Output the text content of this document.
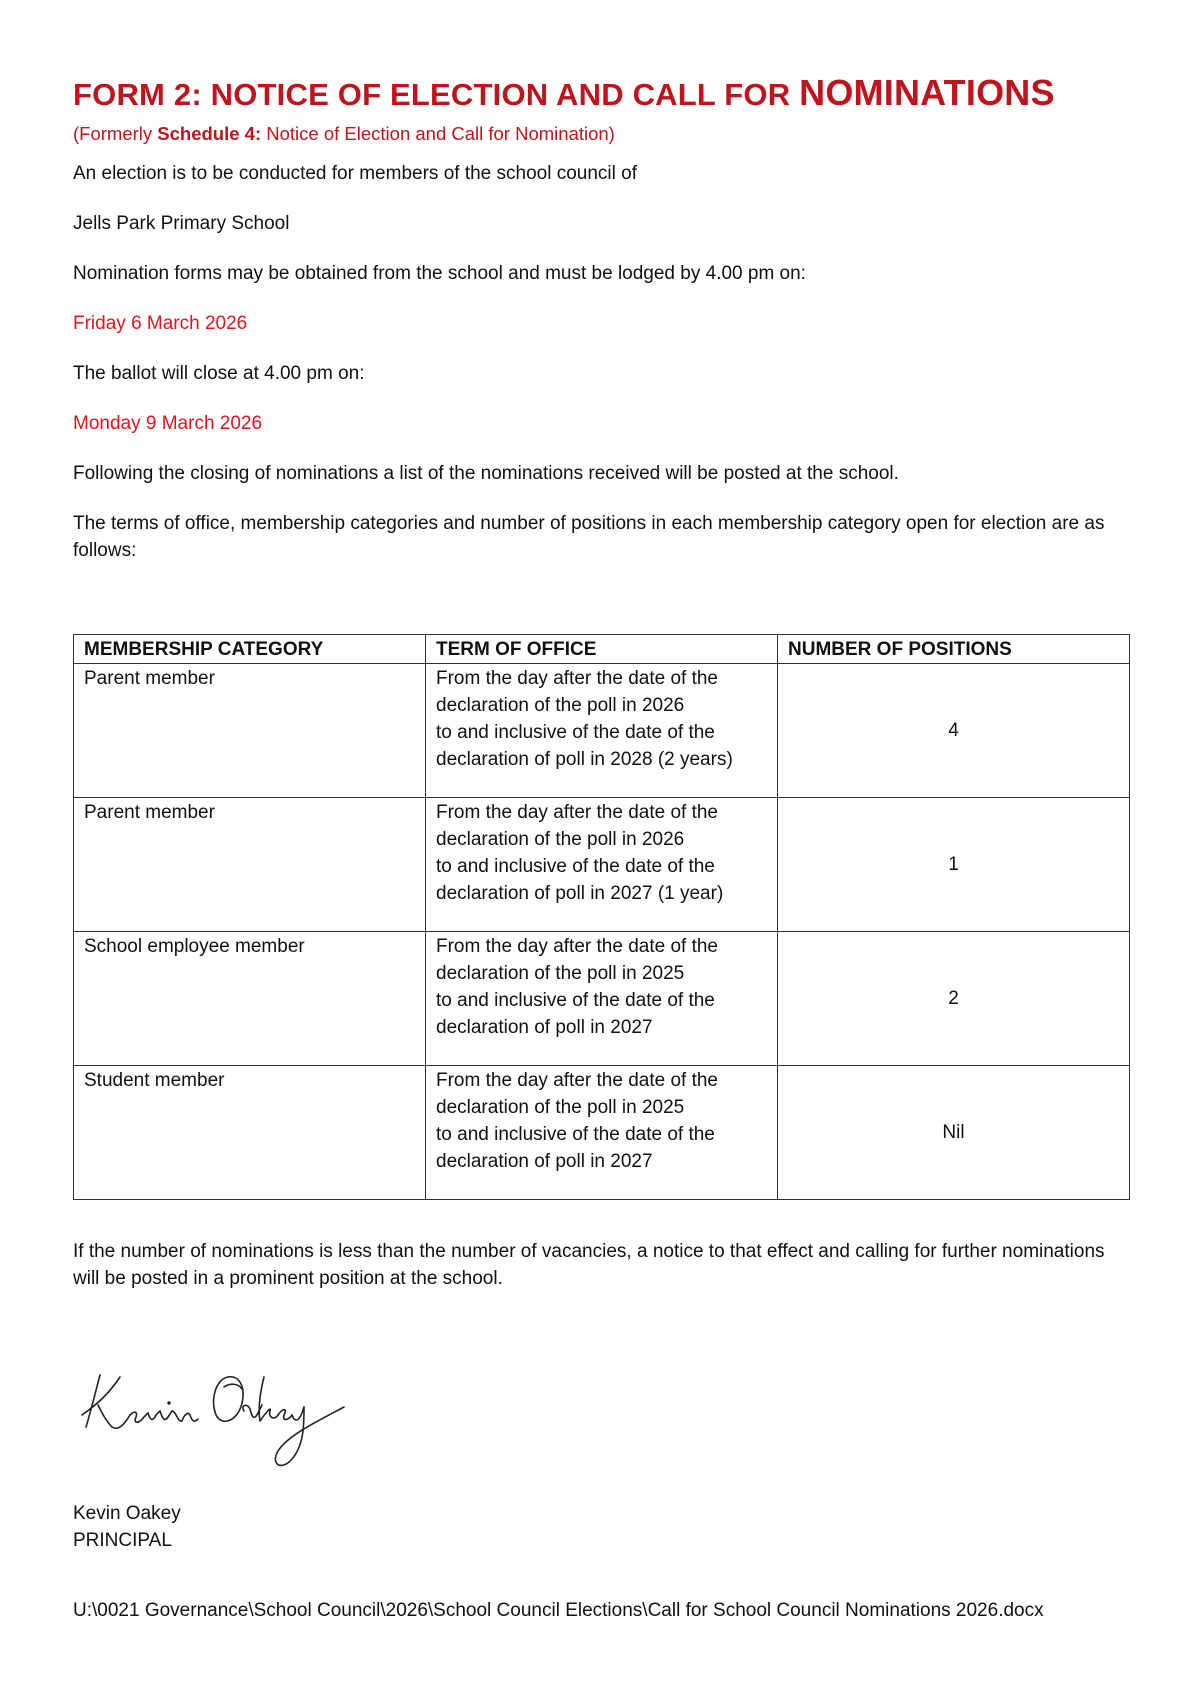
FORM 2: NOTICE OF ELECTION AND CALL FOR NOMINATIONS
(Formerly Schedule 4: Notice of Election and Call for Nomination)
An election is to be conducted for members of the school council of
Jells Park Primary School
Nomination forms may be obtained from the school and must be lodged by 4.00 pm on:
Friday 6 March 2026
The ballot will close at 4.00 pm on:
Monday 9 March 2026
Following the closing of nominations a list of the nominations received will be posted at the school.
The terms of office, membership categories and number of positions in each membership category open for election are as follows:
MEMBERSHIP CATEGORY	TERM OF OFFICE	NUMBER OF POSITIONS
Parent member	From the day after the date of the
declaration of the poll in 2026
to and inclusive of the date of the
declaration of poll in 2028 (2 years)	4
Parent member	From the day after the date of the
declaration of the poll in 2026
to and inclusive of the date of the
declaration of poll in 2027 (1 year)	1
School employee member	From the day after the date of the
declaration of the poll in 2025
to and inclusive of the date of the
declaration of poll in 2027	2
Student member	From the day after the date of the
declaration of the poll in 2025
to and inclusive of the date of the
declaration of poll in 2027	Nil
If the number of nominations is less than the number of vacancies, a notice to that effect and calling for further nominations will be posted in a prominent position at the school.
Kevin Oakey
PRINCIPAL
U:\0021 Governance\School Council\2026\School Council Elections\Call for School Council Nominations 2026.docx
